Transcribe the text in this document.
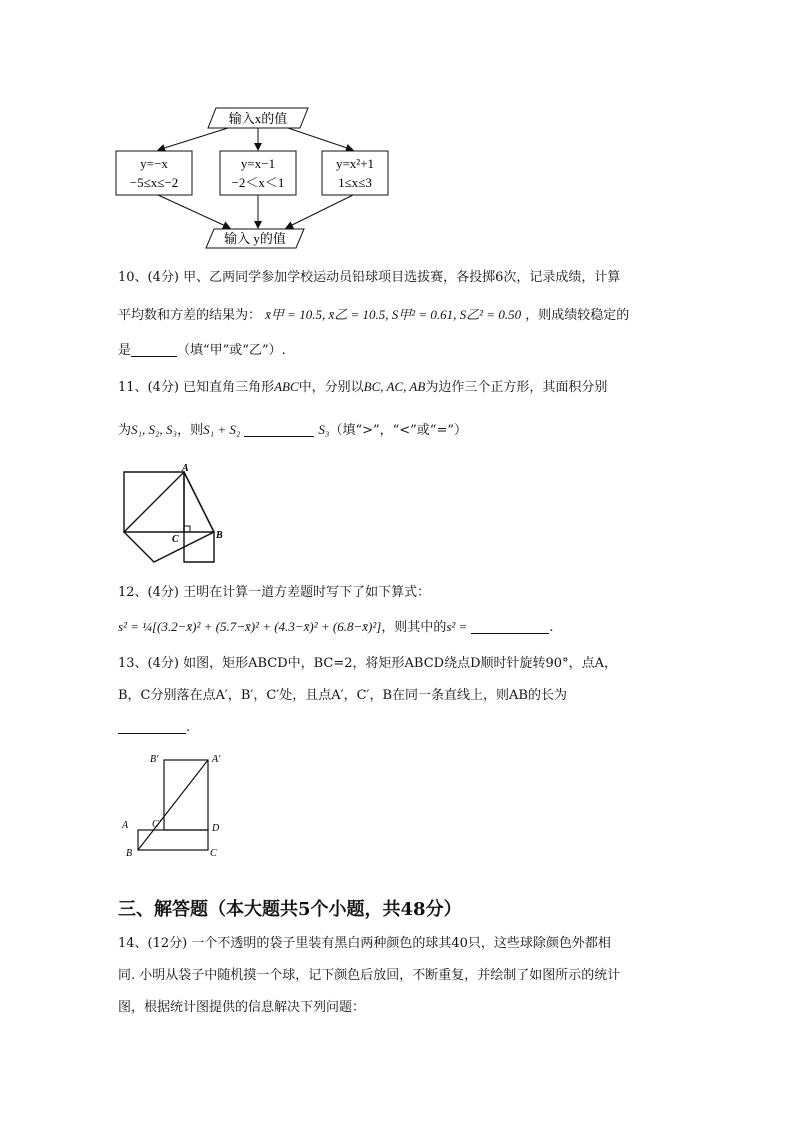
输入x的值
y=−x
−5≤x≤−2
y=x−1
−2＜x＜1
y=x²+1
1≤x≤3
输入 y的值
10、(4分) 甲、乙两同学参加学校运动员铅球项目选拔赛，各投掷6次，记录成绩，计算
平均数和方差的结果为： x̄甲 = 10.5, x̄乙 = 10.5, S甲² = 0.61, S乙² = 0.50 ，则成绩较稳定的
是	（填“甲”或“乙”）.
11、(4分) 已知直角三角形ABC中，分别以BC, AC, AB为边作三个正方形，其面积分别
为S₁, S₂, S₃，则S₁ + S₂	S₃（填“>”，“<”或“=”）
A
B
C
12、(4分) 王明在计算一道方差题时写下了如下算式：
s² = ¼[(3.2−x̄)² + (5.7−x̄)² + (4.3−x̄)² + (6.8−x̄)²]，则其中的s² =	.
13、(4分) 如图，矩形ABCD中，BC=2，将矩形ABCD绕点D顺时针旋转90°，点A，
B，C分别落在点A′，B′，C′处，且点A′，C′，B在同一条直线上，则AB的长为
.
B′	A′
A C′	D
B	C
三、解答题（本大题共5个小题，共48分）
14、(12分) 一个不透明的袋子里装有黑白两种颜色的球其40只，这些球除颜色外都相
同. 小明从袋子中随机摸一个球，记下颜色后放回，不断重复，并绘制了如图所示的统计
图，根据统计图提供的信息解决下列问题：
